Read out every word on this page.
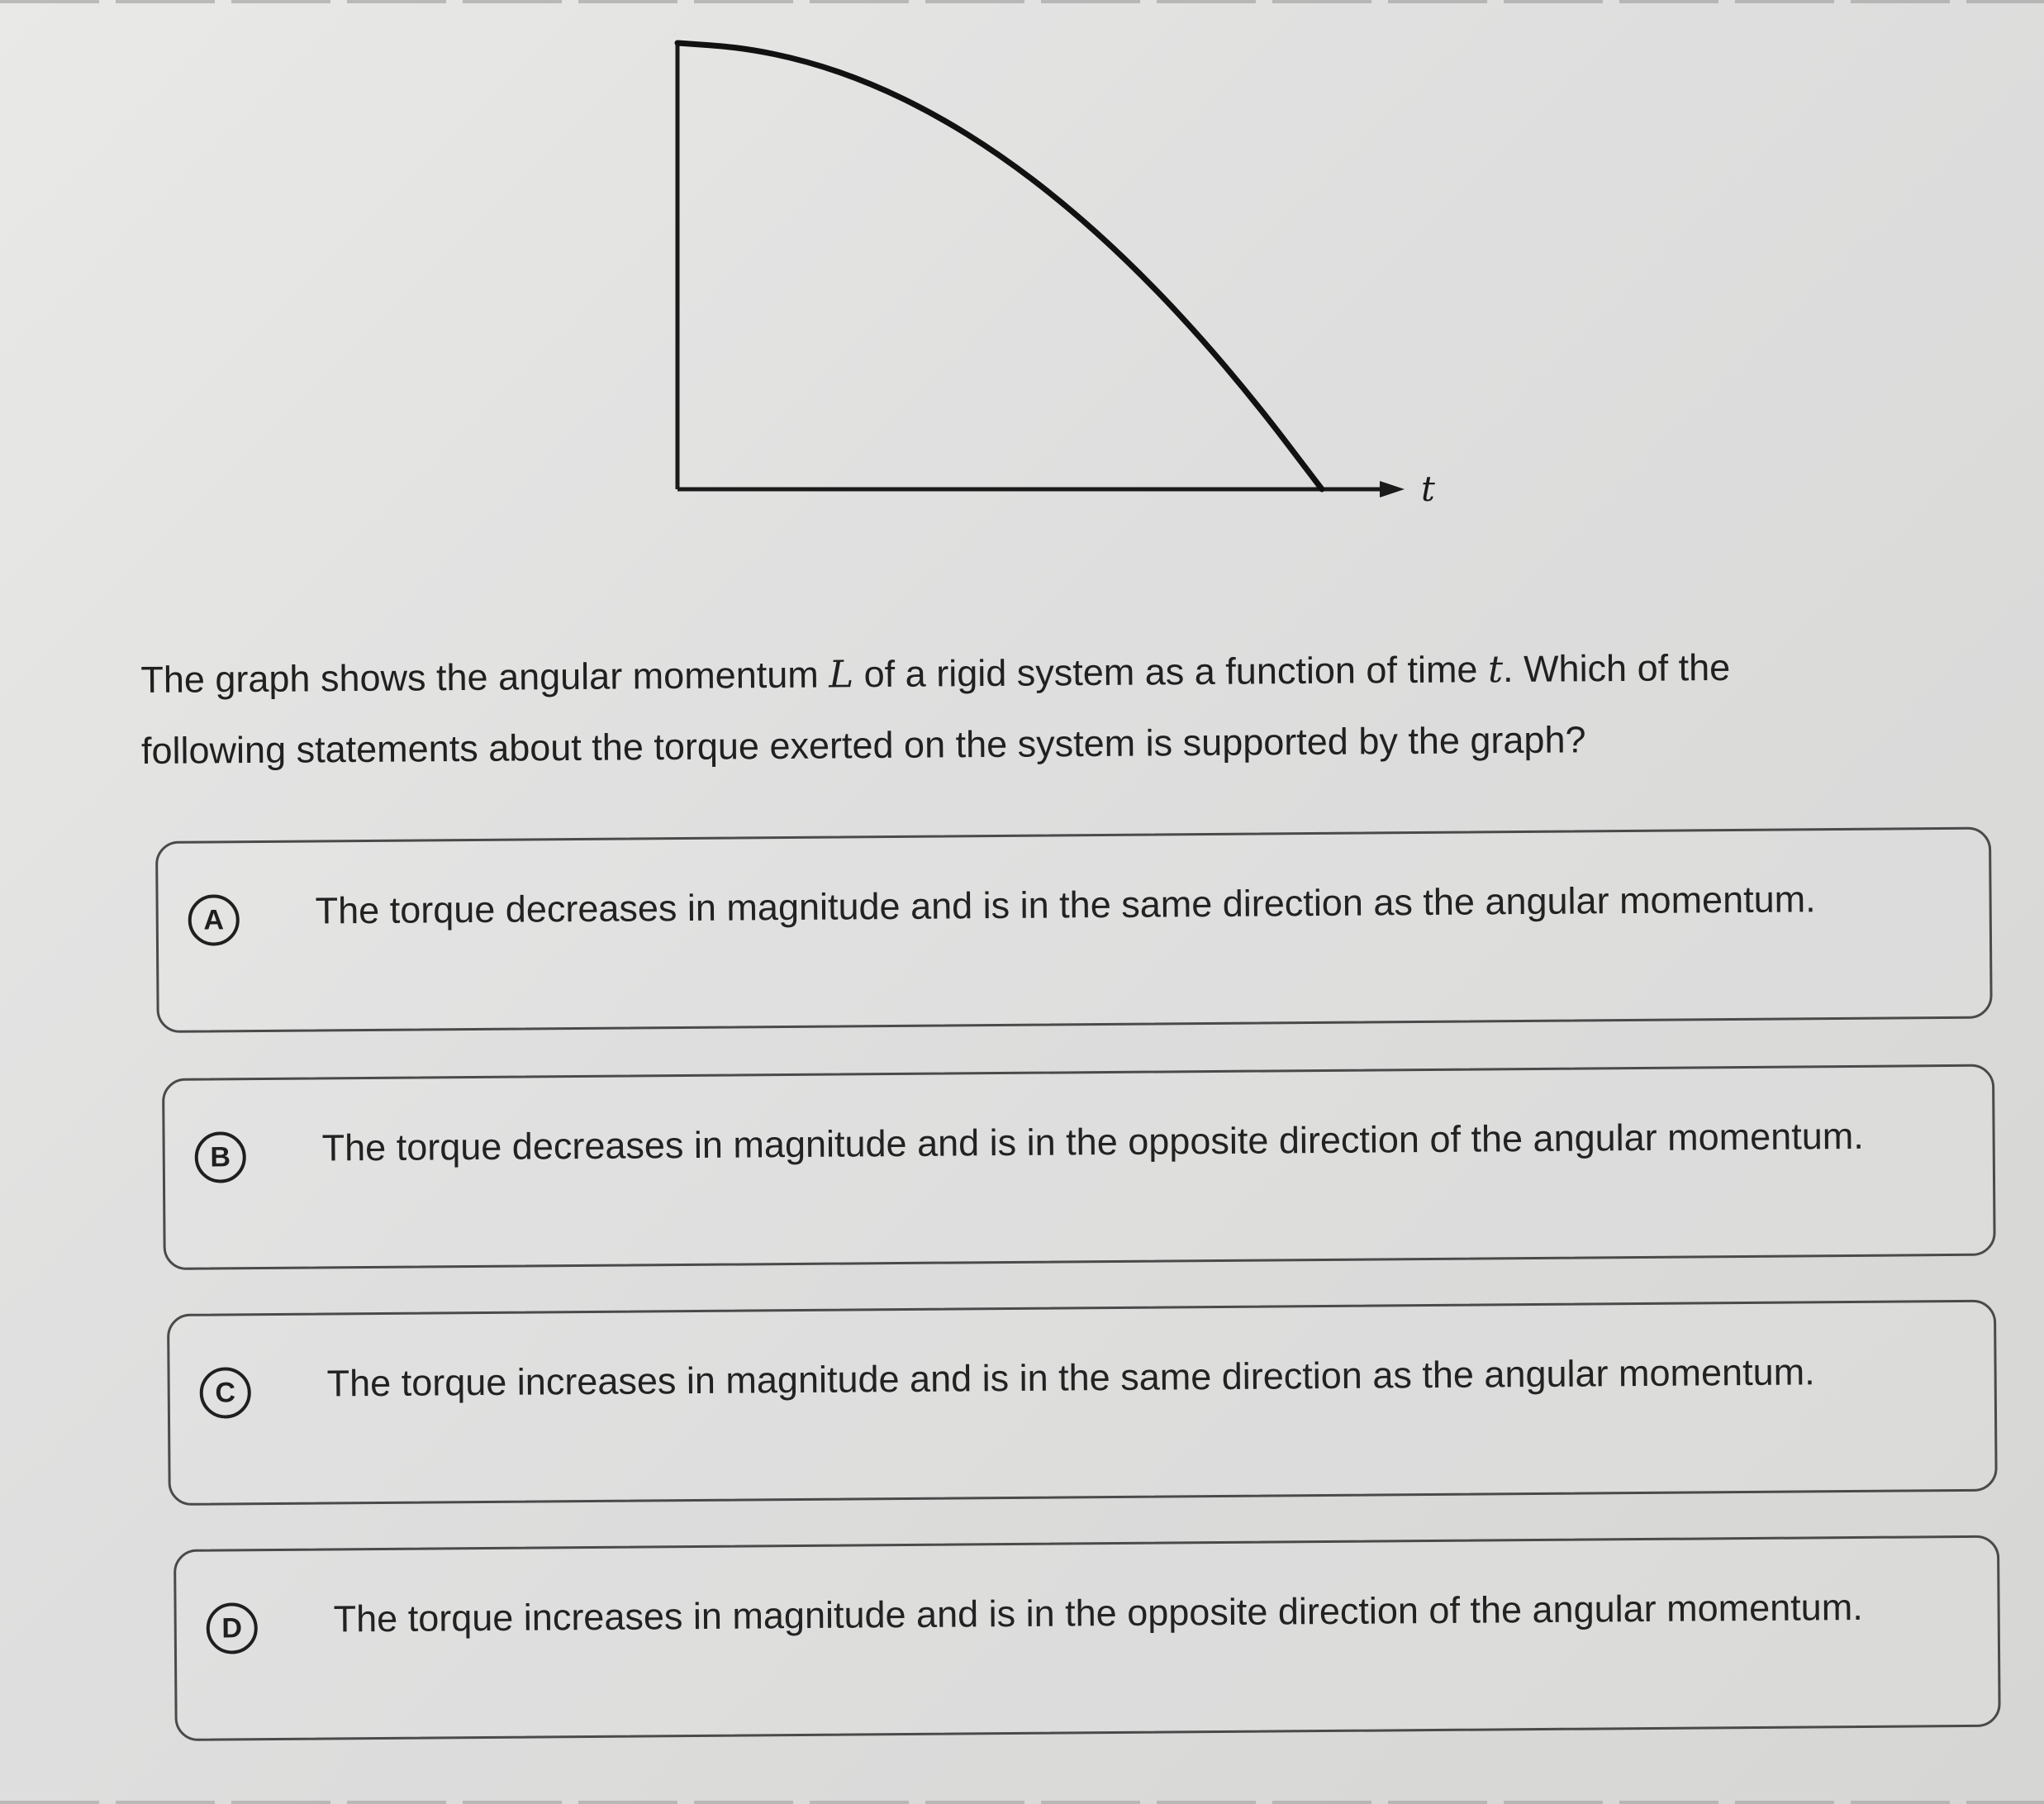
t
The graph shows the angular momentum L of a rigid system as a function of time t. Which of the following statements about the torque exerted on the system is supported by the graph?
A	The torque decreases in magnitude and is in the same direction as the angular momentum.
B	The torque decreases in magnitude and is in the opposite direction of the angular momentum.
C	The torque increases in magnitude and is in the same direction as the angular momentum.
D	The torque increases in magnitude and is in the opposite direction of the angular momentum.
